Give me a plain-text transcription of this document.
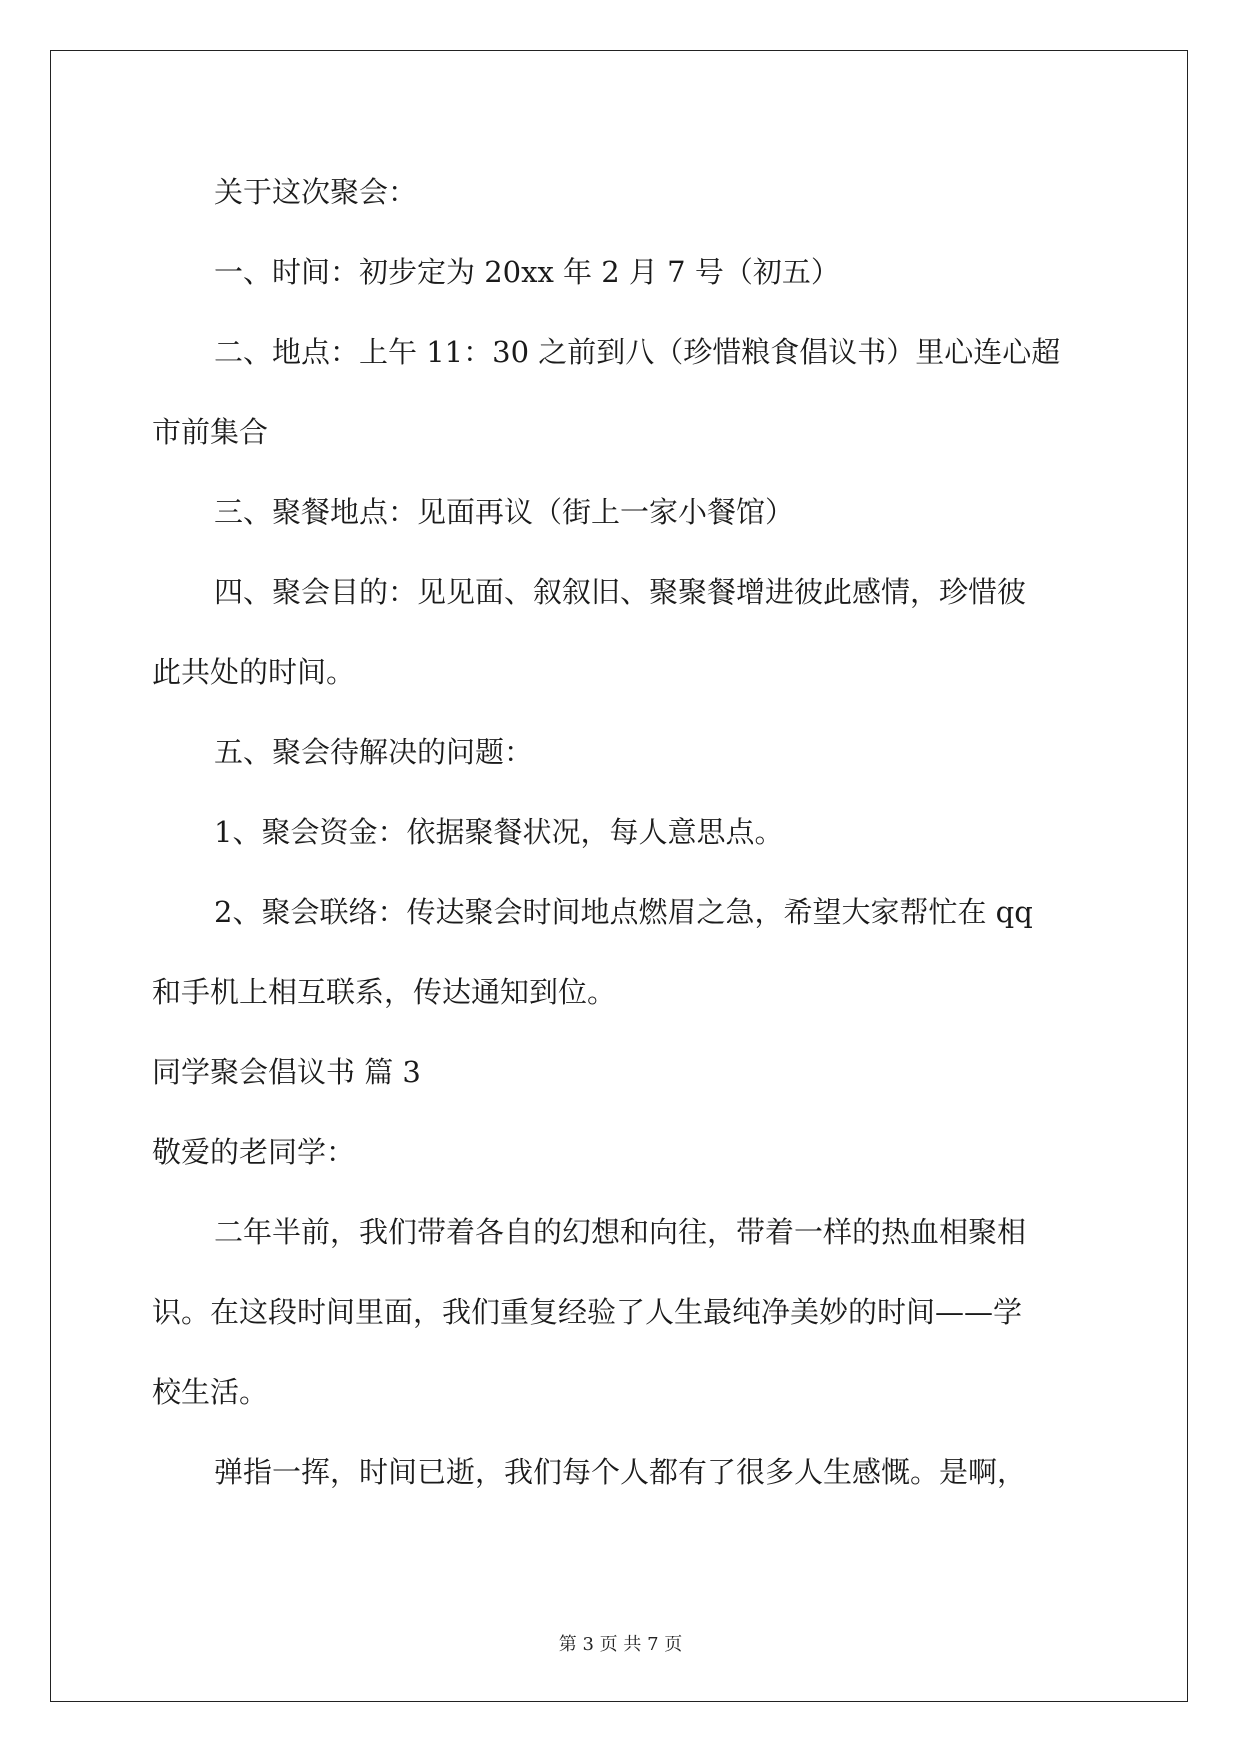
关于这次聚会：
一、时间：初步定为 20xx 年 2 月 7 号（初五）
二、地点：上午 11：30 之前到八（珍惜粮食倡议书）里心连心超
市前集合
三、聚餐地点：见面再议（街上一家小餐馆）
四、聚会目的：见见面、叙叙旧、聚聚餐增进彼此感情，珍惜彼
此共处的时间。
五、聚会待解决的问题：
1、聚会资金：依据聚餐状况，每人意思点。
2、聚会联络：传达聚会时间地点燃眉之急，希望大家帮忙在 qq
和手机上相互联系，传达通知到位。
同学聚会倡议书 篇 3
敬爱的老同学：
二年半前，我们带着各自的幻想和向往，带着一样的热血相聚相
识。在这段时间里面，我们重复经验了人生最纯净美妙的时间——学
校生活。
弹指一挥，时间已逝，我们每个人都有了很多人生感慨。是啊，
第 3 页 共 7 页
